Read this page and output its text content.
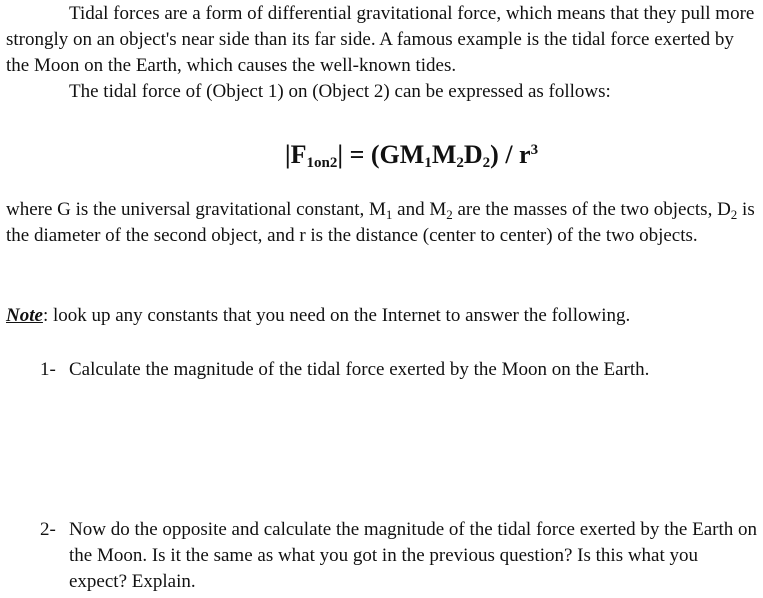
Tidal forces are a form of differential gravitational force, which means that they pull more strongly on an object's near side than its far side. A famous example is the tidal force exerted by the Moon on the Earth, which causes the well-known tides.

The tidal force of (Object 1) on (Object 2) can be expressed as follows:

$|F_{1on2}| = (GM_1M_2D_2) / r^3$

where G is the universal gravitational constant, $M_1$ and $M_2$ are the masses of the two objects, $D_2$ is the diameter of the second object, and r is the distance (center to center) of the two objects.

Note: look up any constants that you need on the Internet to answer the following.

1- Calculate the magnitude of the tidal force exerted by the Moon on the Earth.
2- Now do the opposite and calculate the magnitude of the tidal force exerted by the Earth on the Moon. Is it the same as what you got in the previous question? Is this what you expect? Explain.
